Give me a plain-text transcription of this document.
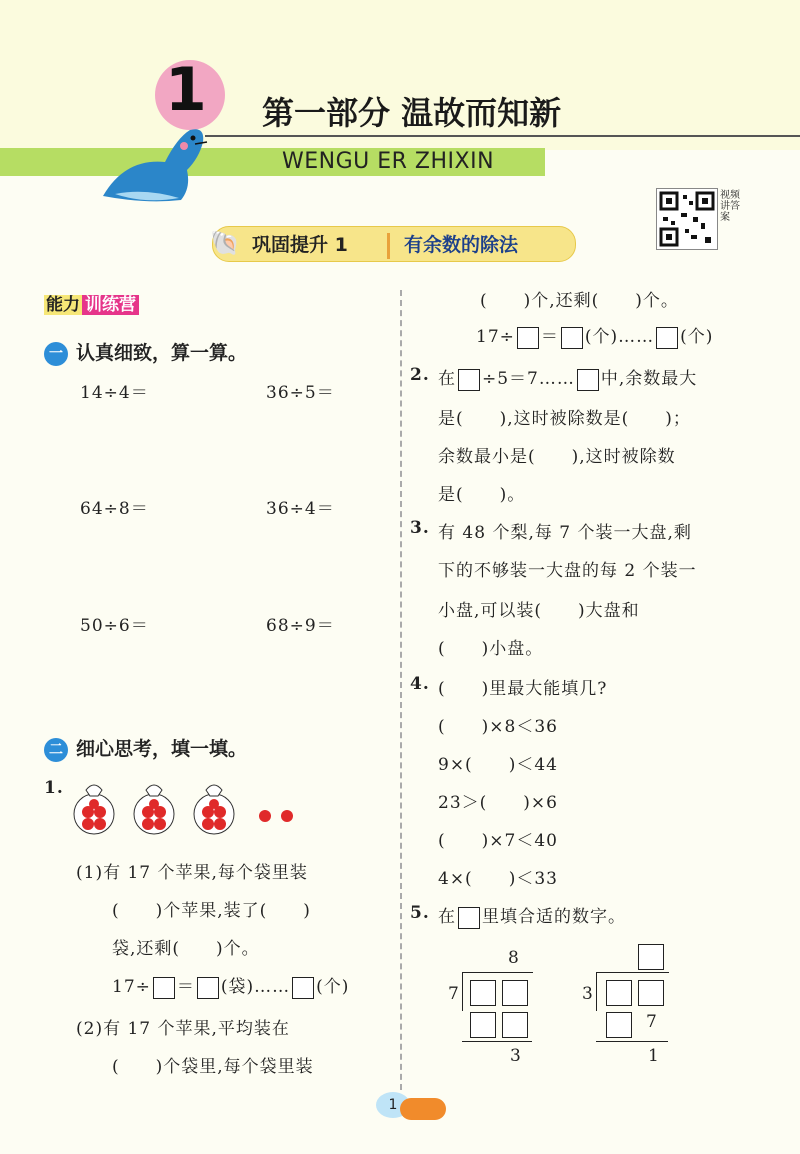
WENGU ER ZHIXIN
1 第一部分 温故而知新
视频讲答案
🐚 巩固提升 1	有余数的除法
能力 训练营
一 认真细致，算一算。
14÷4＝	36÷5＝
64÷8＝	36÷4＝
50÷6＝	68÷9＝
二 细心思考，填一填。
1.
(1)有 17 个苹果,每个袋里装
(　　)个苹果,装了(　　)
袋,还剩(　　)个。
17÷ ＝ (袋)…… (个)
(2)有 17 个苹果,平均装在
(　　)个袋里,每个袋里装
(　　)个,还剩(　　)个。
17÷ ＝ (个)…… (个)
2. 在 ÷5＝7…… 中,余数最大
是(　　),这时被除数是(　　)；
余数最小是(　　),这时被除数
是(　　)。
3. 有 48 个梨,每 7 个装一大盘,剩
下的不够装一大盘的每 2 个装一
小盘,可以装(　　)大盘和
(　　)小盘。
4. (　　)里最大能填几?
(　　)×8＜36
9×(　　)＜44
23＞(　　)×6
(　　)×7＜40
4×(　　)＜33
5. 在 里填合适的数字。
8
7
3
3
7
1
1
